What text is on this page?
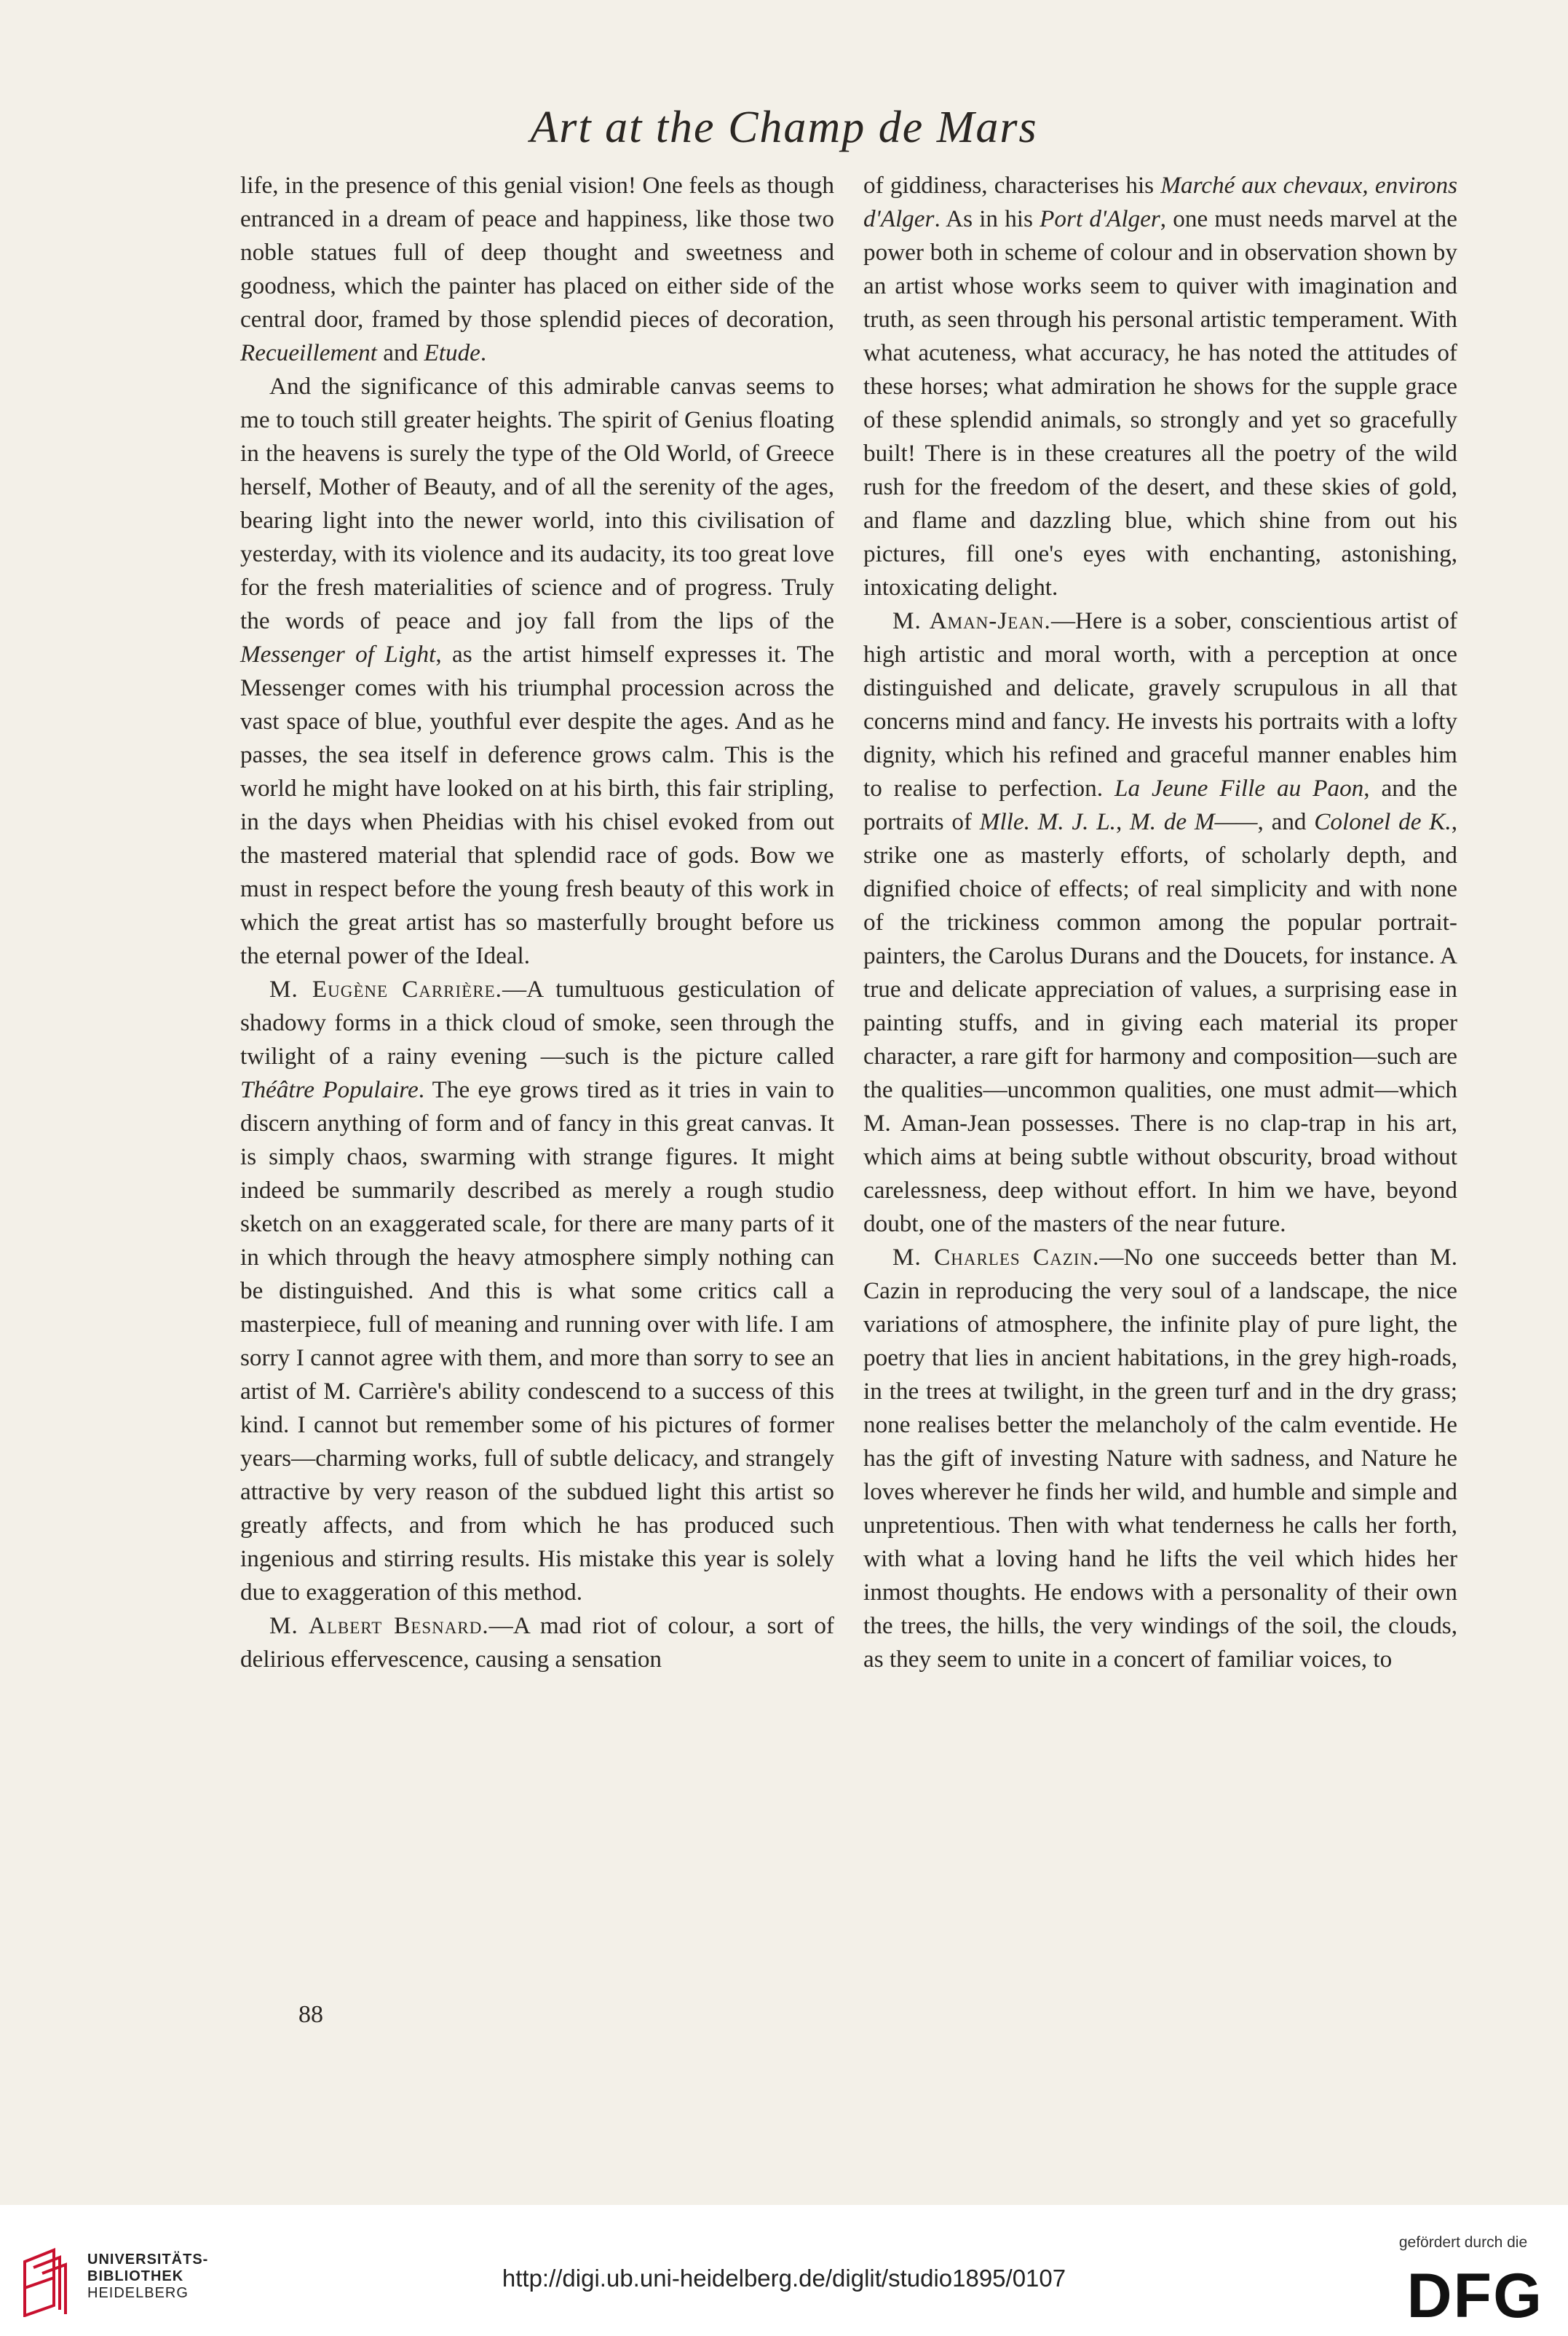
Art at the Champ de Mars

life, in the presence of this genial vision! One feels as though entranced in a dream of peace and happiness, like those two noble statues full of deep thought and sweetness and goodness, which the painter has placed on either side of the central door, framed by those splendid pieces of decoration, Recueillement and Etude.

And the significance of this admirable canvas seems to me to touch still greater heights. The spirit of Genius floating in the heavens is surely the type of the Old World, of Greece herself, Mother of Beauty, and of all the serenity of the ages, bearing light into the newer world, into this civilisation of yesterday, with its violence and its audacity, its too great love for the fresh materialities of science and of progress. Truly the words of peace and joy fall from the lips of the Messenger of Light, as the artist himself expresses it. The Messenger comes with his triumphal procession across the vast space of blue, youthful ever despite the ages. And as he passes, the sea itself in deference grows calm. This is the world he might have looked on at his birth, this fair stripling, in the days when Pheidias with his chisel evoked from out the mastered material that splendid race of gods. Bow we must in respect before the young fresh beauty of this work in which the great artist has so masterfully brought before us the eternal power of the Ideal.

M. Eugène Carrière.—A tumultuous gesticulation of shadowy forms in a thick cloud of smoke, seen through the twilight of a rainy evening —such is the picture called Théâtre Populaire. The eye grows tired as it tries in vain to discern anything of form and of fancy in this great canvas. It is simply chaos, swarming with strange figures. It might indeed be summarily described as merely a rough studio sketch on an exaggerated scale, for there are many parts of it in which through the heavy atmosphere simply nothing can be distinguished. And this is what some critics call a masterpiece, full of meaning and running over with life. I am sorry I cannot agree with them, and more than sorry to see an artist of M. Carrière's ability condescend to a success of this kind. I cannot but remember some of his pictures of former years—charming works, full of subtle delicacy, and strangely attractive by very reason of the subdued light this artist so greatly affects, and from which he has produced such ingenious and stirring results. His mistake this year is solely due to exaggeration of this method.

M. Albert Besnard.—A mad riot of colour, a sort of delirious effervescence, causing a sensation

of giddiness, characterises his Marché aux chevaux, environs d'Alger. As in his Port d'Alger, one must needs marvel at the power both in scheme of colour and in observation shown by an artist whose works seem to quiver with imagination and truth, as seen through his personal artistic temperament. With what acuteness, what accuracy, he has noted the attitudes of these horses; what admiration he shows for the supple grace of these splendid animals, so strongly and yet so gracefully built! There is in these creatures all the poetry of the wild rush for the freedom of the desert, and these skies of gold, and flame and dazzling blue, which shine from out his pictures, fill one's eyes with enchanting, astonishing, intoxicating delight.

M. Aman-Jean.—Here is a sober, conscientious artist of high artistic and moral worth, with a perception at once distinguished and delicate, gravely scrupulous in all that concerns mind and fancy. He invests his portraits with a lofty dignity, which his refined and graceful manner enables him to realise to perfection. La Jeune Fille au Paon, and the portraits of Mlle. M. J. L., M. de M——, and Colonel de K., strike one as masterly efforts, of scholarly depth, and dignified choice of effects; of real simplicity and with none of the trickiness common among the popular portrait-painters, the Carolus Durans and the Doucets, for instance. A true and delicate appreciation of values, a surprising ease in painting stuffs, and in giving each material its proper character, a rare gift for harmony and composition—such are the qualities—uncommon qualities, one must admit—which M. Aman-Jean possesses. There is no clap-trap in his art, which aims at being subtle without obscurity, broad without carelessness, deep without effort. In him we have, beyond doubt, one of the masters of the near future.

M. Charles Cazin.—No one succeeds better than M. Cazin in reproducing the very soul of a landscape, the nice variations of atmosphere, the infinite play of pure light, the poetry that lies in ancient habitations, in the grey high-roads, in the trees at twilight, in the green turf and in the dry grass; none realises better the melancholy of the calm eventide. He has the gift of investing Nature with sadness, and Nature he loves wherever he finds her wild, and humble and simple and unpretentious. Then with what tenderness he calls her forth, with what a loving hand he lifts the veil which hides her inmost thoughts. He endows with a personality of their own the trees, the hills, the very windings of the soil, the clouds, as they seem to unite in a concert of familiar voices, to

88
UNIVERSITÄTS-
BIBLIOTHEK
HEIDELBERG
http://digi.ub.uni-heidelberg.de/diglit/studio1895/0107
gefördert durch die
DFG
